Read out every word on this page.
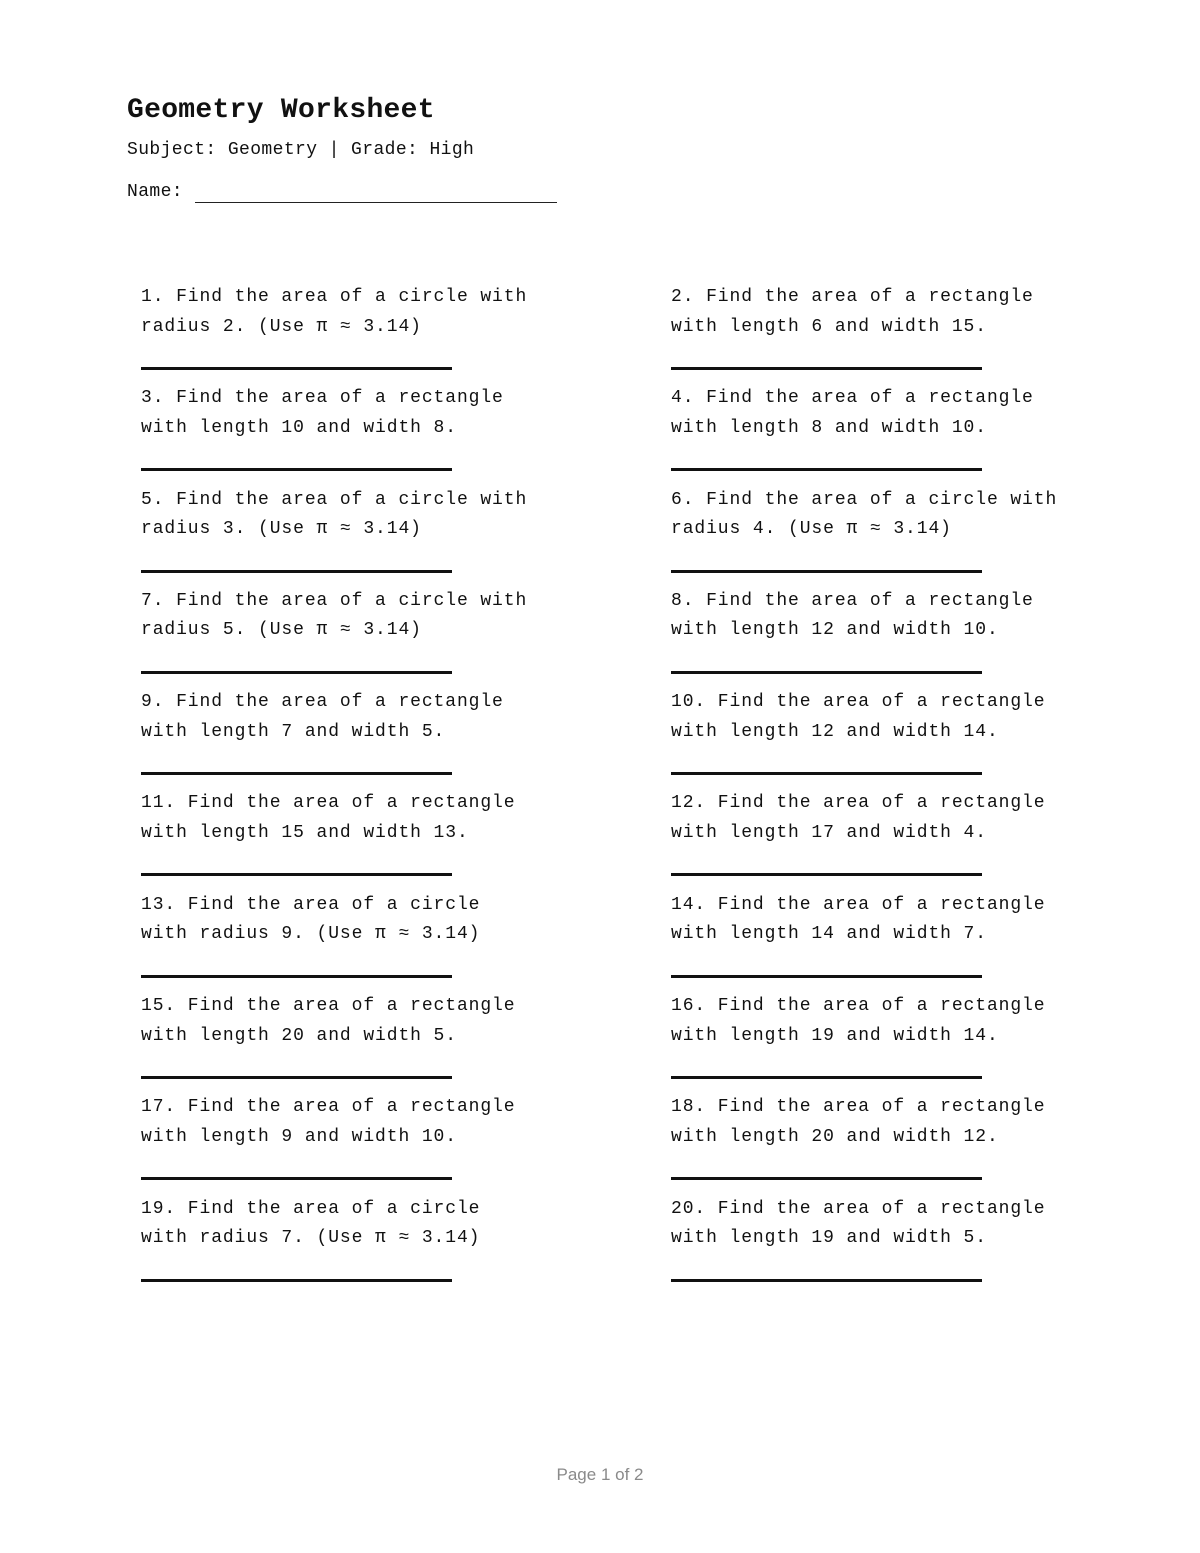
Geometry Worksheet
Subject: Geometry | Grade: High
Name:
1. Find the area of a circle with
radius 2. (Use π ≈ 3.14)
2. Find the area of a rectangle
with length 6 and width 15.
3. Find the area of a rectangle
with length 10 and width 8.
4. Find the area of a rectangle
with length 8 and width 10.
5. Find the area of a circle with
radius 3. (Use π ≈ 3.14)
6. Find the area of a circle with
radius 4. (Use π ≈ 3.14)
7. Find the area of a circle with
radius 5. (Use π ≈ 3.14)
8. Find the area of a rectangle
with length 12 and width 10.
9. Find the area of a rectangle
with length 7 and width 5.
10. Find the area of a rectangle
with length 12 and width 14.
11. Find the area of a rectangle
with length 15 and width 13.
12. Find the area of a rectangle
with length 17 and width 4.
13. Find the area of a circle
with radius 9. (Use π ≈ 3.14)
14. Find the area of a rectangle
with length 14 and width 7.
15. Find the area of a rectangle
with length 20 and width 5.
16. Find the area of a rectangle
with length 19 and width 14.
17. Find the area of a rectangle
with length 9 and width 10.
18. Find the area of a rectangle
with length 20 and width 12.
19. Find the area of a circle
with radius 7. (Use π ≈ 3.14)
20. Find the area of a rectangle
with length 19 and width 5.
Page 1 of 2
